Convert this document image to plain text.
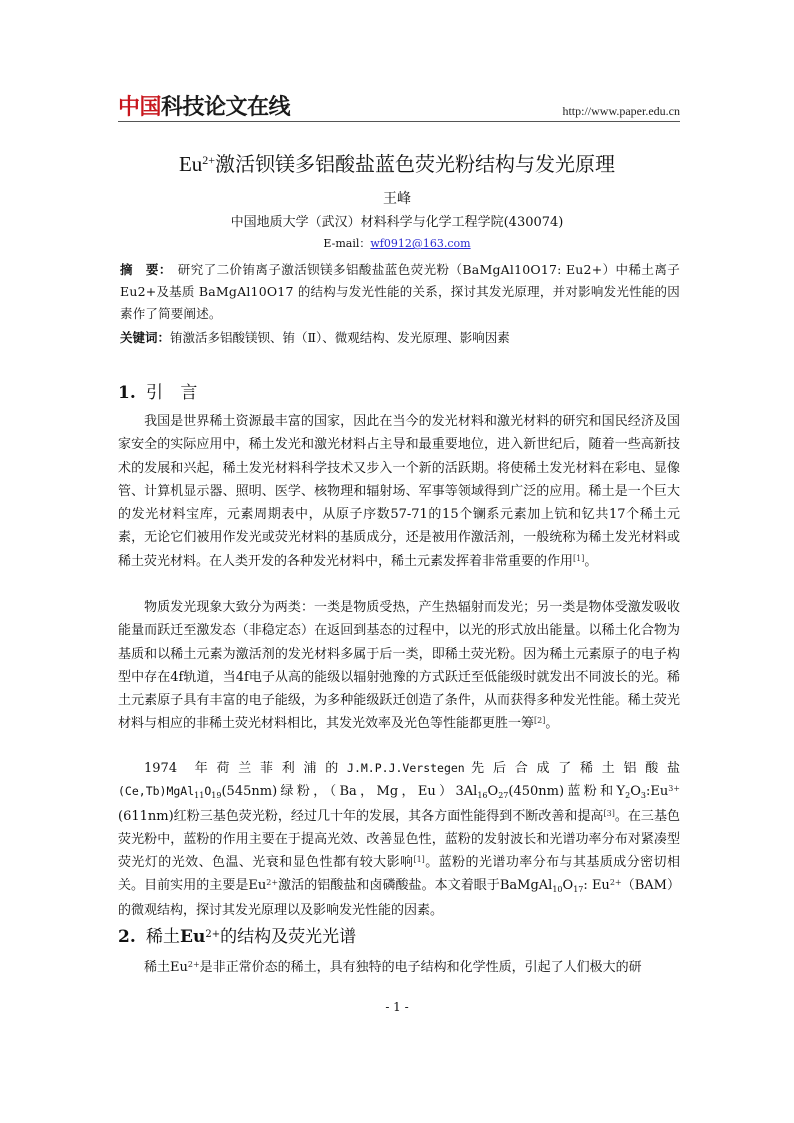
中国科技论文在线	http://www.paper.edu.cn
$Eu^{2+}$激活钡镁多铝酸盐蓝色荧光粉结构与发光原理
王峰
中国地质大学（武汉）材料科学与化学工程学院(430074)
E-mail：wf0912@163.com
摘　要： 研究了二价铕离子激活钡镁多铝酸盐蓝色荧光粉（BaMgAl10O17: Eu2+）中稀土离子 Eu2+及基质 BaMgAl10O17 的结构与发光性能的关系，探讨其发光原理，并对影响发光性能的因素作了简要阐述。
关键词：铕激活多铝酸镁钡、铕（Ⅱ）、微观结构、发光原理、影响因素
1. 引 言
我国是世界稀土资源最丰富的国家，因此在当今的发光材料和激光材料的研究和国民经济及国家安全的实际应用中，稀土发光和激光材料占主导和最重要地位，进入新世纪后，随着一些高新技术的发展和兴起，稀土发光材料科学技术又步入一个新的活跃期。将使稀土发光材料在彩电、显像管、计算机显示器、照明、医学、核物理和辐射场、军事等领域得到广泛的应用。稀土是一个巨大的发光材料宝库，元素周期表中，从原子序数57-71的15个镧系元素加上钪和钇共17个稀土元素，无论它们被用作发光或荧光材料的基质成分，还是被用作激活剂，一般统称为稀土发光材料或稀土荧光材料。在人类开发的各种发光材料中，稀土元素发挥着非常重要的作用[1]。
物质发光现象大致分为两类：一类是物质受热，产生热辐射而发光；另一类是物体受激发吸收能量而跃迁至激发态（非稳定态）在返回到基态的过程中，以光的形式放出能量。以稀土化合物为基质和以稀土元素为激活剂的发光材料多属于后一类，即稀土荧光粉。因为稀土元素原子的电子构型中存在4f轨道，当4f电子从高的能级以辐射弛豫的方式跃迁至低能级时就发出不同波长的光。稀土元素原子具有丰富的电子能级，为多种能级跃迁创造了条件，从而获得多种发光性能。稀土荧光材料与相应的非稀土荧光材料相比，其发光效率及光色等性能都更胜一筹[2]。
1974　年 荷 兰 菲 利 浦 的 J.M.P.J.Verstegen 先 后 合 成 了 稀 土 铝 酸 盐$(Ce,Tb)MgAl_{11}O_{19}(545nm)$绿粉，（Ba，Mg，$Eu)3Al_{16}O_{27}(450nm)$蓝粉和$Y_2O_3:Eu^{3+}(611nm)$红粉三基色荧光粉，经过几十年的发展，其各方面性能得到不断改善和提高[3]。在三基色荧光粉中，蓝粉的作用主要在于提高光效、改善显色性，蓝粉的发射波长和光谱功率分布对紧凑型荧光灯的光效、色温、光衰和显色性都有较大影响[1]。蓝粉的光谱功率分布与其基质成分密切相关。目前实用的主要是$Eu^{2+}$激活的铝酸盐和卤磷酸盐。本文着眼于$BaMgAl_{10}O_{17}$: $Eu^{2+}(BAM)$的微观结构，探讨其发光原理以及影响发光性能的因素。
2. 稀土$Eu^{2+}$的结构及荧光光谱
稀土$Eu^{2+}$是非正常价态的稀土，具有独特的电子结构和化学性质，引起了人们极大的研
- 1 -
